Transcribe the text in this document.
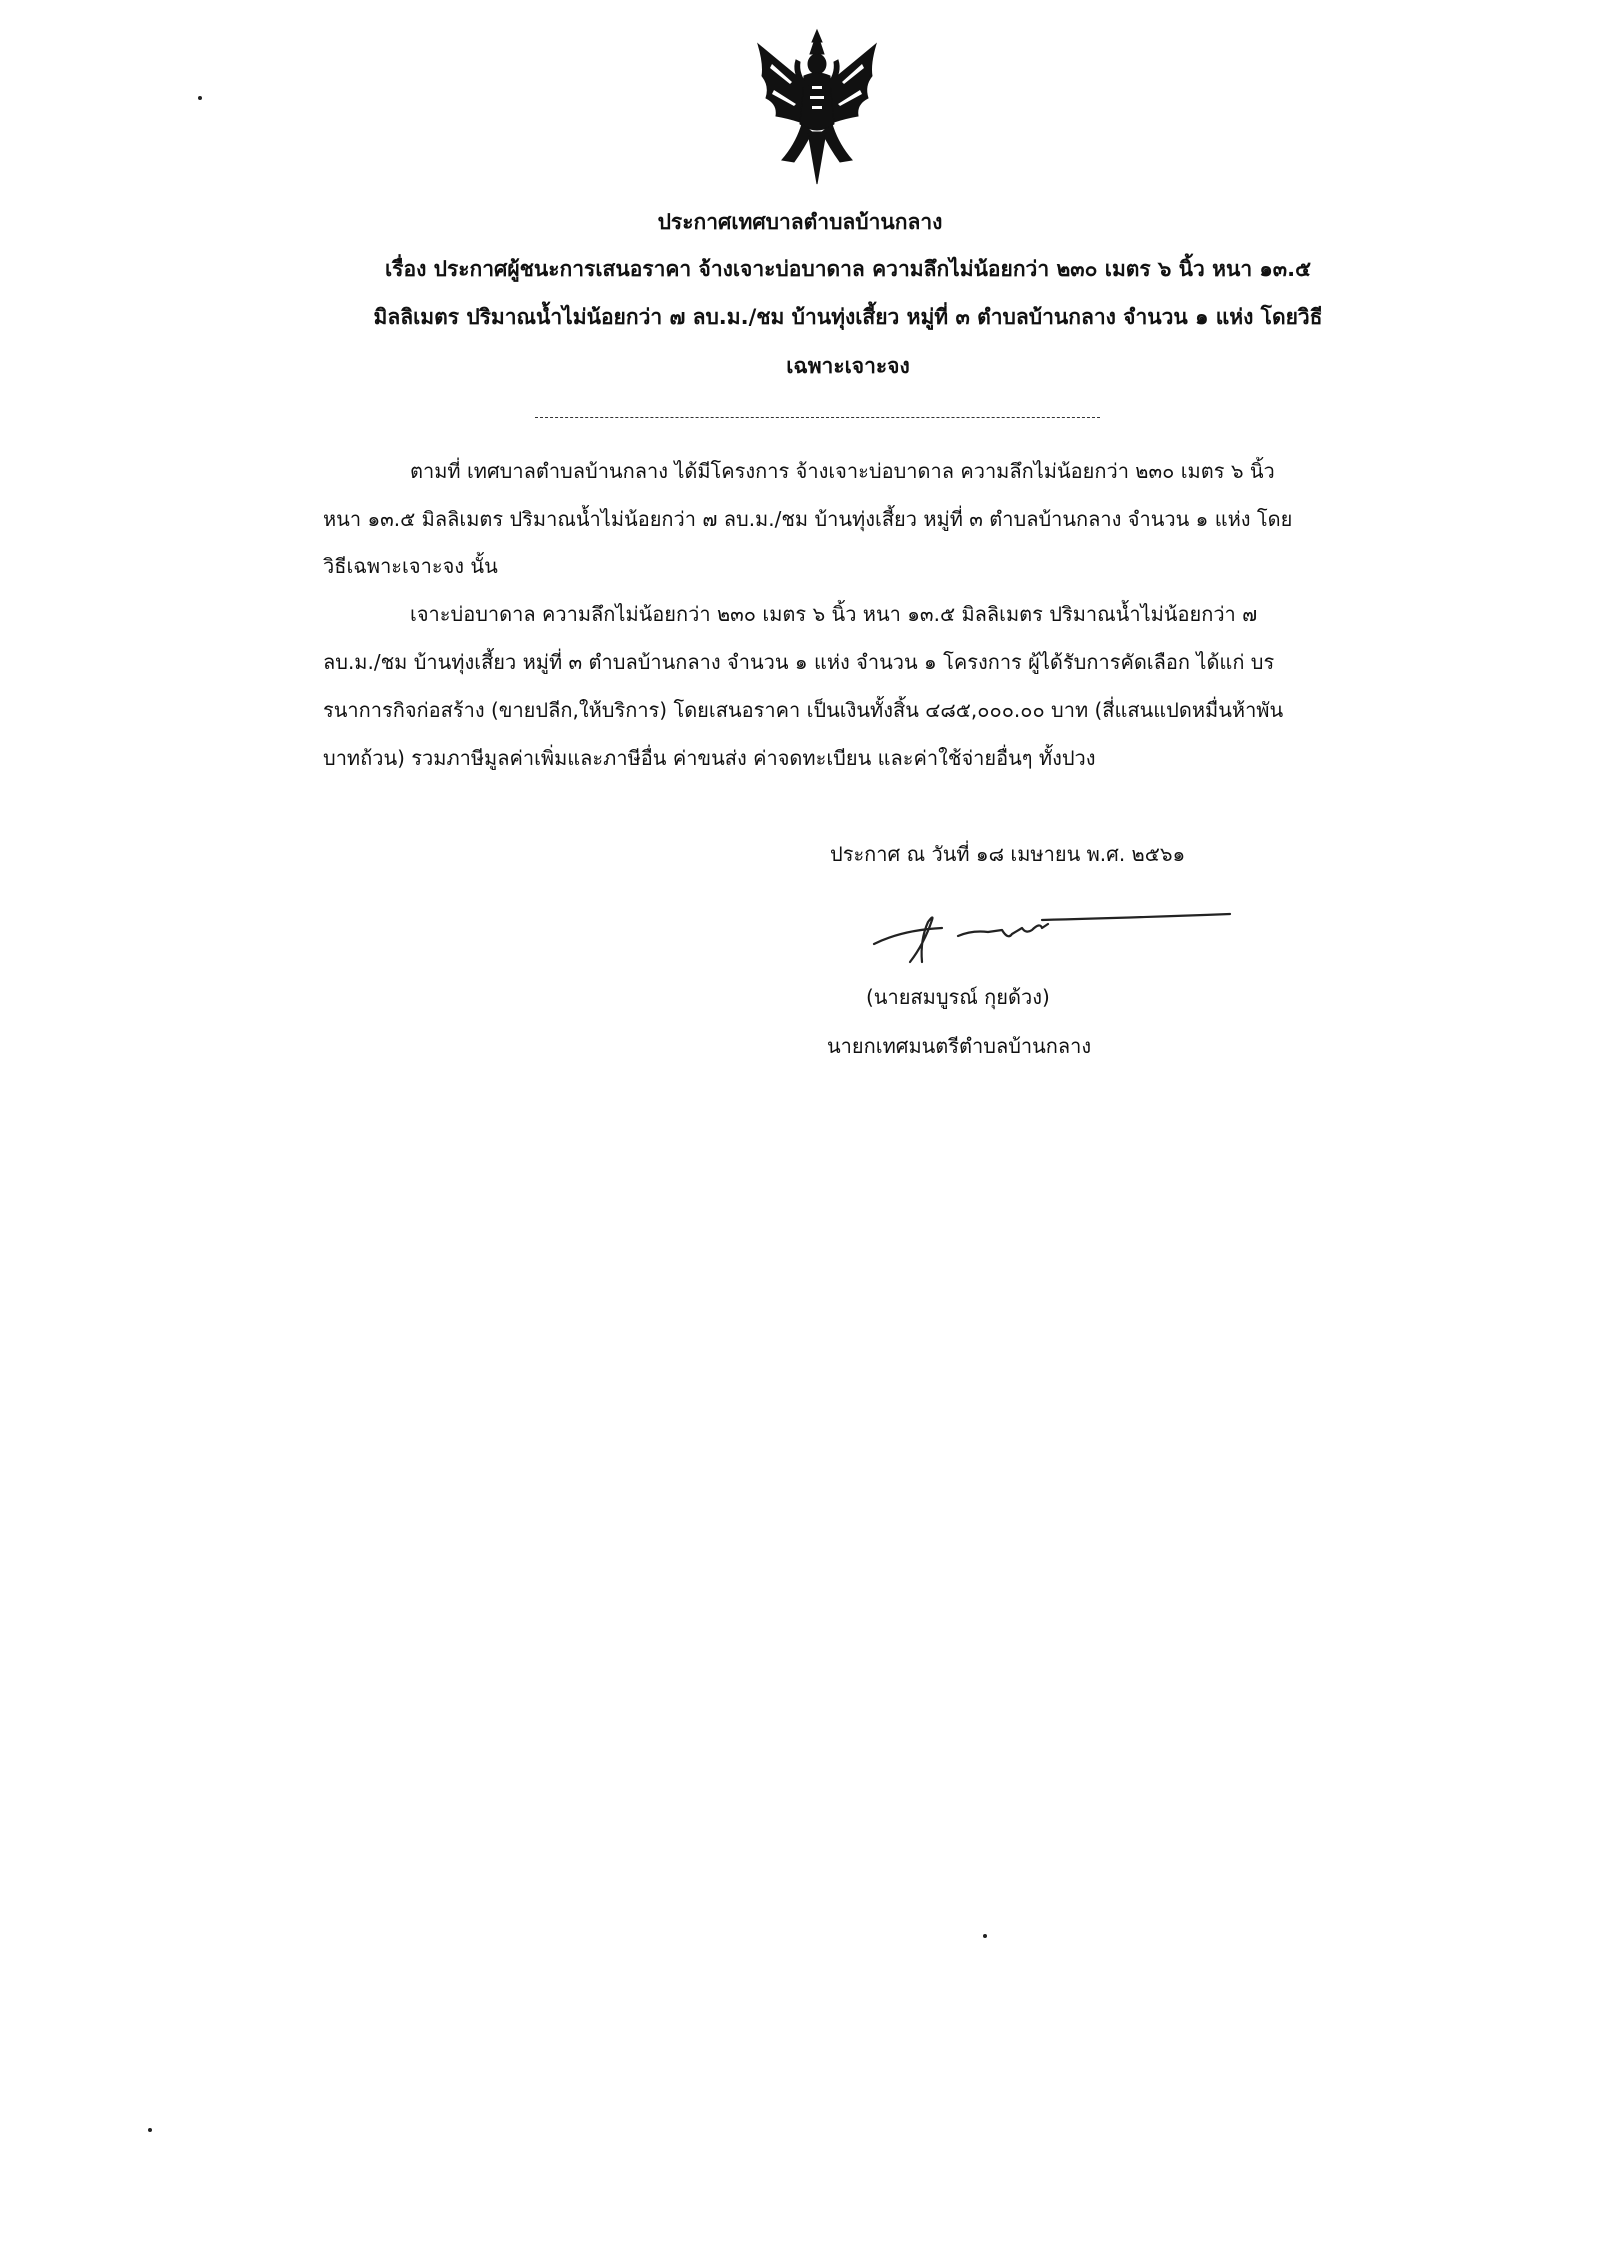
ประกาศเทศบาลตำบลบ้านกลาง
เรื่อง ประกาศผู้ชนะการเสนอราคา จ้างเจาะบ่อบาดาล ความลึกไม่น้อยกว่า ๒๓๐ เมตร ๖ นิ้ว หนา ๑๓.๕
มิลลิเมตร ปริมาณน้ำไม่น้อยกว่า ๗ ลบ.ม./ชม บ้านทุ่งเสี้ยว หมู่ที่ ๓ ตำบลบ้านกลาง จำนวน ๑ แห่ง โดยวิธี
เฉพาะเจาะจง
ตามที่ เทศบาลตำบลบ้านกลาง ได้มีโครงการ จ้างเจาะบ่อบาดาล ความลึกไม่น้อยกว่า ๒๓๐ เมตร ๖ นิ้ว
หนา ๑๓.๕ มิลลิเมตร ปริมาณน้ำไม่น้อยกว่า ๗ ลบ.ม./ชม บ้านทุ่งเสี้ยว หมู่ที่ ๓ ตำบลบ้านกลาง จำนวน ๑ แห่ง โดย
วิธีเฉพาะเจาะจง นั้น
เจาะบ่อบาดาล ความลึกไม่น้อยกว่า ๒๓๐ เมตร ๖ นิ้ว หนา ๑๓.๕ มิลลิเมตร ปริมาณน้ำไม่น้อยกว่า ๗
ลบ.ม./ชม บ้านทุ่งเสี้ยว หมู่ที่ ๓ ตำบลบ้านกลาง จำนวน ๑ แห่ง จำนวน ๑ โครงการ ผู้ได้รับการคัดเลือก ได้แก่ บร
รนาการกิจก่อสร้าง (ขายปลีก,ให้บริการ) โดยเสนอราคา เป็นเงินทั้งสิ้น ๔๘๕,๐๐๐.๐๐ บาท (สี่แสนแปดหมื่นห้าพัน
บาทถ้วน) รวมภาษีมูลค่าเพิ่มและภาษีอื่น ค่าขนส่ง ค่าจดทะเบียน และค่าใช้จ่ายอื่นๆ ทั้งปวง
ประกาศ ณ วันที่ ๑๘ เมษายน พ.ศ. ๒๕๖๑
(นายสมบูรณ์ กุยด้วง)
นายกเทศมนตรีตำบลบ้านกลาง
